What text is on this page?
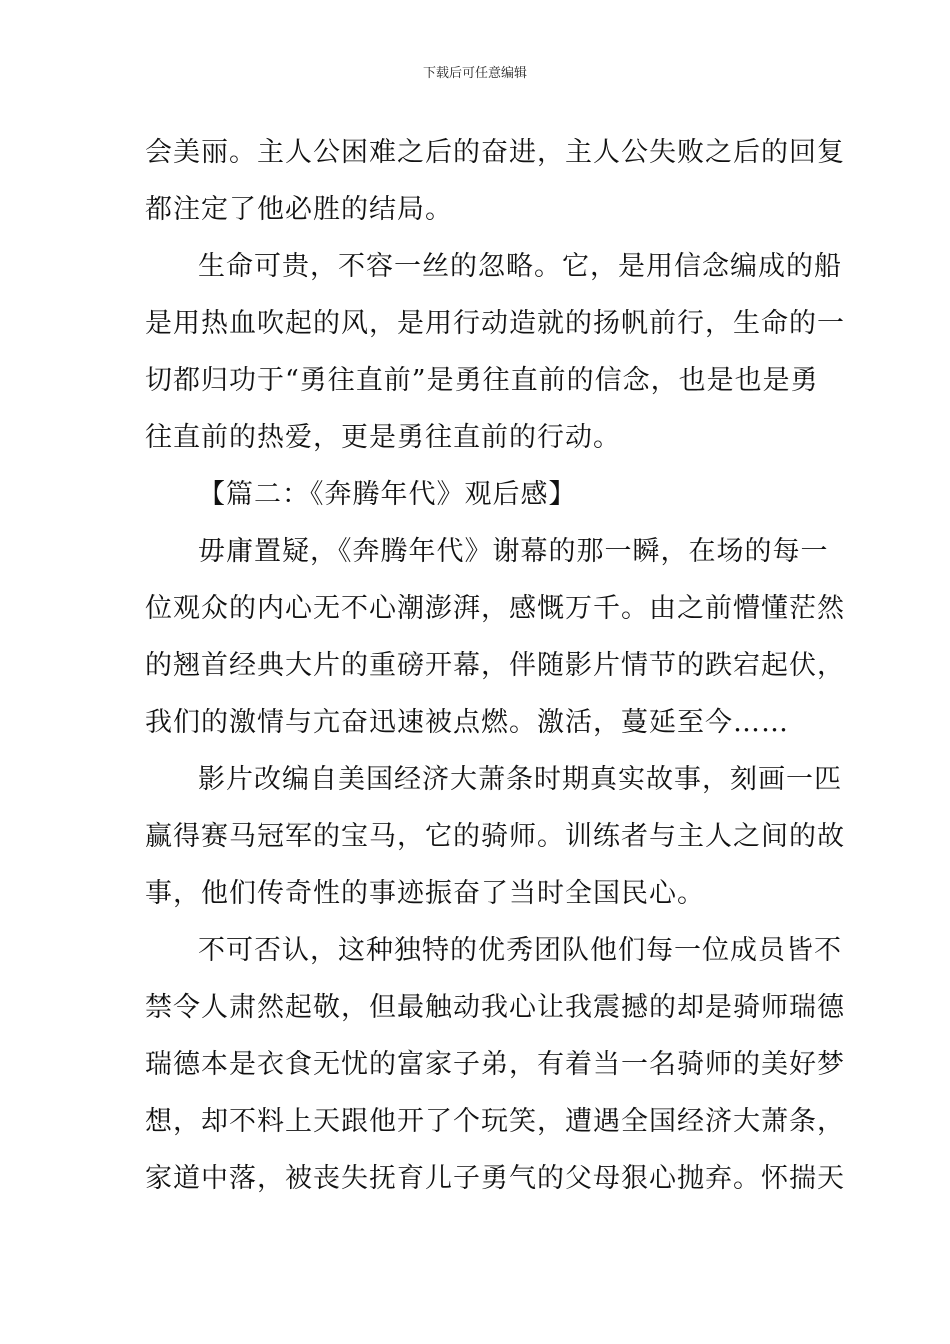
下载后可任意编辑
会美丽。主人公困难之后的奋进，主人公失败之后的回复
都注定了他必胜的结局。
生命可贵，不容一丝的忽略。它，是用信念编成的船
是用热血吹起的风，是用行动造就的扬帆前行，生命的一
切都归功于“勇往直前”是勇往直前的信念，也是也是勇
往直前的热爱，更是勇往直前的行动。
【篇二：《奔腾年代》观后感】
毋庸置疑，《奔腾年代》谢幕的那一瞬，在场的每一
位观众的内心无不心潮澎湃，感慨万千。由之前懵懂茫然
的翘首经典大片的重磅开幕，伴随影片情节的跌宕起伏，
我们的激情与亢奋迅速被点燃。激活，蔓延至今……
影片改编自美国经济大萧条时期真实故事，刻画一匹
赢得赛马冠军的宝马，它的骑师。训练者与主人之间的故
事，他们传奇性的事迹振奋了当时全国民心。
不可否认，这种独特的优秀团队他们每一位成员皆不
禁令人肃然起敬，但最触动我心让我震撼的却是骑师瑞德
瑞德本是衣食无忧的富家子弟，有着当一名骑师的美好梦
想，却不料上天跟他开了个玩笑，遭遇全国经济大萧条，
家道中落，被丧失抚育儿子勇气的父母狠心抛弃。怀揣天
